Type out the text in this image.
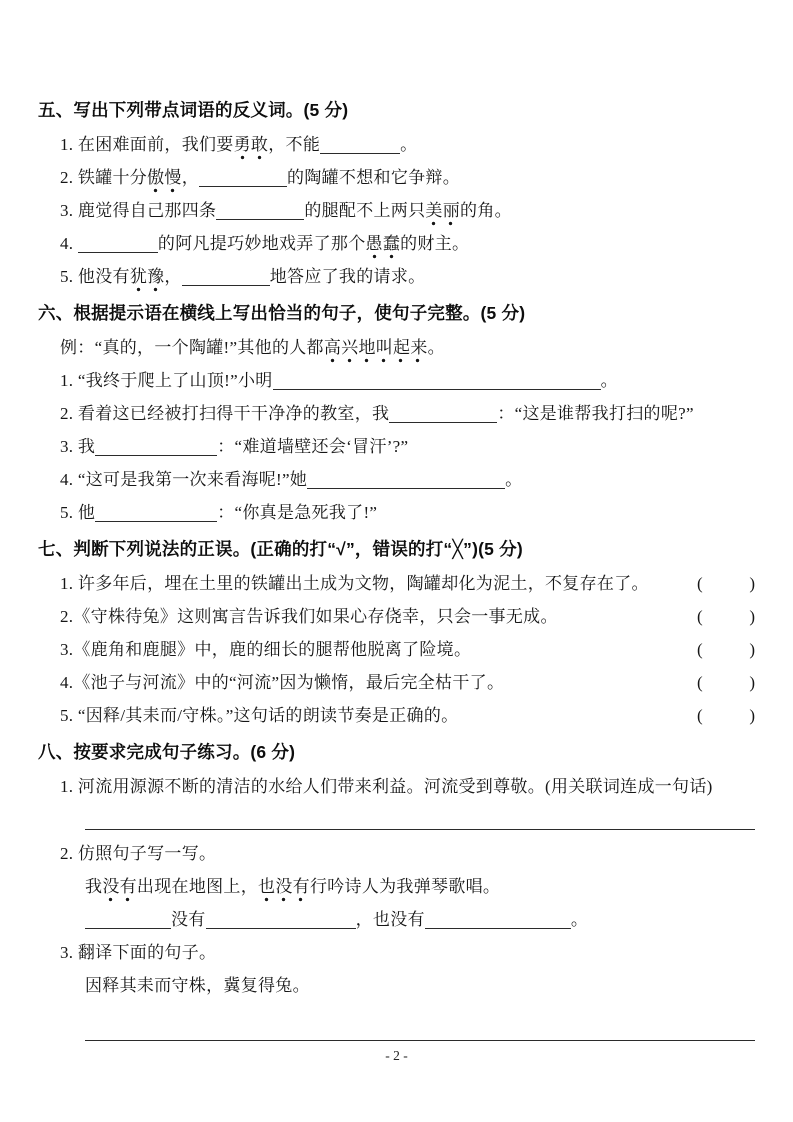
五、写出下列带点词语的反义词。(5 分)
1. 在困难面前，我们要勇敢，不能	。
2. 铁罐十分傲慢，	的陶罐不想和它争辩。
3. 鹿觉得自己那四条	的腿配不上两只美丽的角。
4.	的阿凡提巧妙地戏弄了那个愚蠢的财主。
5. 他没有犹豫，	地答应了我的请求。
六、根据提示语在横线上写出恰当的句子，使句子完整。(5 分)
例：“真的，一个陶罐!”其他的人都高兴地叫起来。
1. “我终于爬上了山顶!”小明	。
2. 看着这已经被打扫得干干净净的教室，我	：“这是谁帮我打扫的呢?”
3. 我	：“难道墙壁还会‘冒汗’?”
4. “这可是我第一次来看海呢!”她	。
5. 他	：“你真是急死我了!”
七、判断下列说法的正误。(正确的打“√”，错误的打“╳”)(5 分)
1. 许多年后，埋在土里的铁罐出土成为文物，陶罐却化为泥土，不复存在了。	(	)
2.《守株待兔》这则寓言告诉我们如果心存侥幸，只会一事无成。	(	)
3.《鹿角和鹿腿》中，鹿的细长的腿帮他脱离了险境。	(	)
4.《池子与河流》中的“河流”因为懒惰，最后完全枯干了。	(	)
5. “因释/其耒而/守株。”这句话的朗读节奏是正确的。	(	)
八、按要求完成句子练习。(6 分)
1. 河流用源源不断的清洁的水给人们带来利益。河流受到尊敬。(用关联词连成一句话)
2. 仿照句子写一写。
我没有出现在地图上，也没有行吟诗人为我弹琴歌唱。
没有	，也没有	。
3. 翻译下面的句子。
因释其耒而守株，冀复得兔。
- 2 -
